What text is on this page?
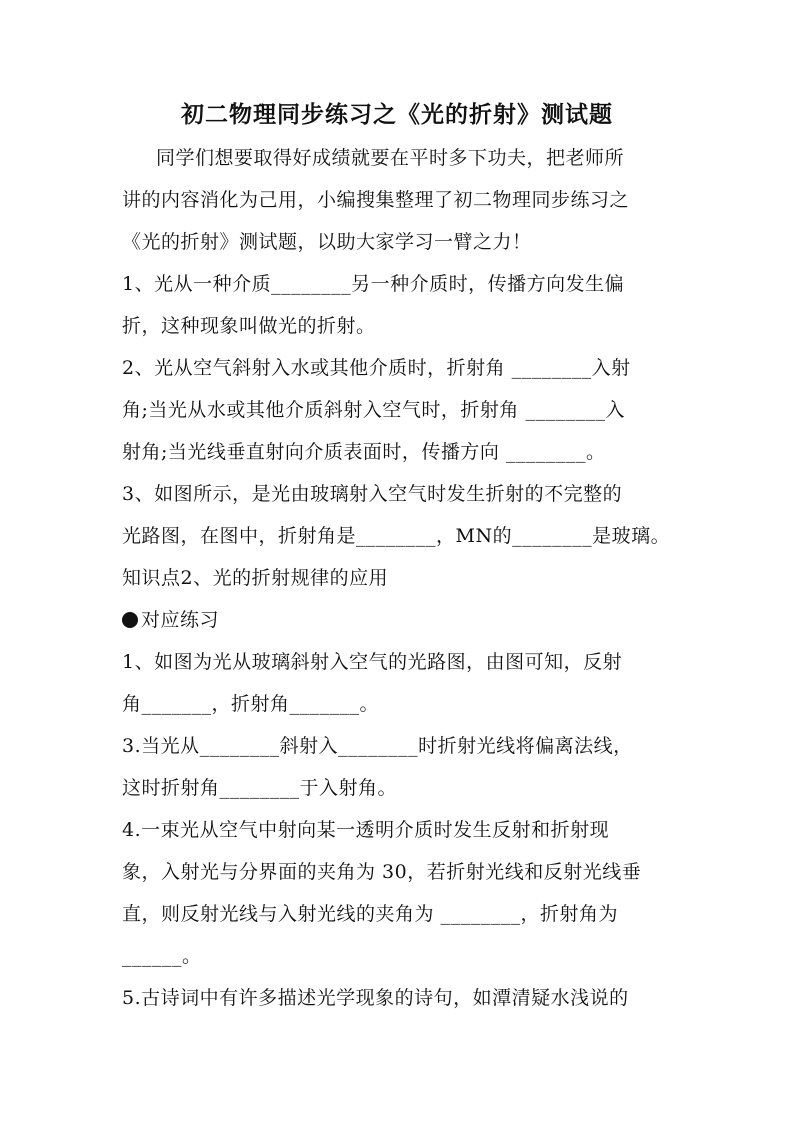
初二物理同步练习之《光的折射》测试题
同学们想要取得好成绩就要在平时多下功夫，把老师所
讲的内容消化为己用，小编搜集整理了初二物理同步练习之
《光的折射》测试题，以助大家学习一臂之力！
1、光从一种介质________另一种介质时，传播方向发生偏
折，这种现象叫做光的折射。
2、光从空气斜射入水或其他介质时，折射角 ________入射
角;当光从水或其他介质斜射入空气时，折射角 ________入
射角;当光线垂直射向介质表面时，传播方向 ________。
3、如图所示，是光由玻璃射入空气时发生折射的不完整的
光路图，在图中，折射角是________，MN的________是玻璃。
知识点2、光的折射规律的应用
对应练习
1、如图为光从玻璃斜射入空气的光路图，由图可知，反射
角_______，折射角_______。
3.当光从________斜射入________时折射光线将偏离法线，
这时折射角________于入射角。
4.一束光从空气中射向某一透明介质时发生反射和折射现
象，入射光与分界面的夹角为 30，若折射光线和反射光线垂
直，则反射光线与入射光线的夹角为 ________，折射角为
______。
5.古诗词中有许多描述光学现象的诗句，如潭清疑水浅说的
